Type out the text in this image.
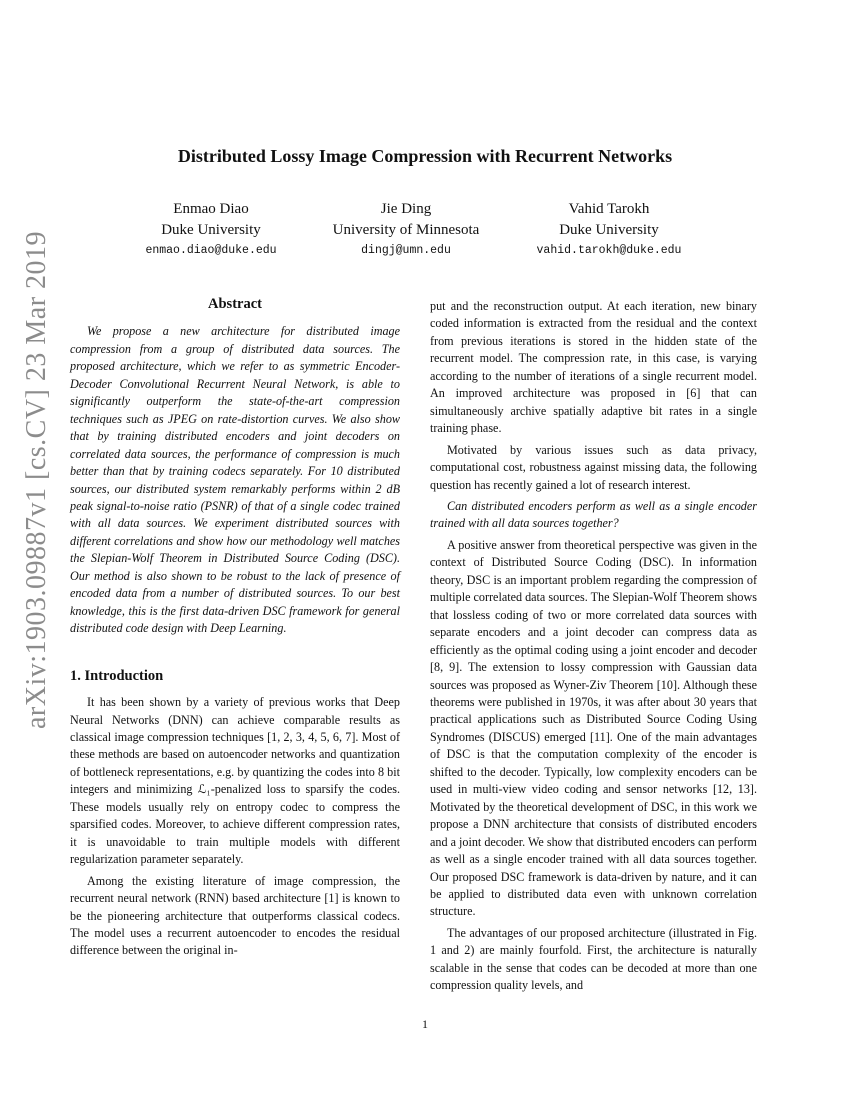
arXiv:1903.09887v1 [cs.CV] 23 Mar 2019
Distributed Lossy Image Compression with Recurrent Networks
Enmao Diao
Duke University
enmao.diao@duke.edu
Jie Ding
University of Minnesota
dingj@umn.edu
Vahid Tarokh
Duke University
vahid.tarokh@duke.edu
Abstract

We propose a new architecture for distributed image compression from a group of distributed data sources. The proposed architecture, which we refer to as symmetric Encoder-Decoder Convolutional Recurrent Neural Network, is able to significantly outperform the state-of-the-art compression techniques such as JPEG on rate-distortion curves. We also show that by training distributed encoders and joint decoders on correlated data sources, the performance of compression is much better than that by training codecs separately. For 10 distributed sources, our distributed system remarkably performs within 2 dB peak signal-to-noise ratio (PSNR) of that of a single codec trained with all data sources. We experiment distributed sources with different correlations and show how our methodology well matches the Slepian-Wolf Theorem in Distributed Source Coding (DSC). Our method is also shown to be robust to the lack of presence of encoded data from a number of distributed sources. To our best knowledge, this is the first data-driven DSC framework for general distributed code design with Deep Learning.

1. Introduction

It has been shown by a variety of previous works that Deep Neural Networks (DNN) can achieve comparable results as classical image compression techniques [1, 2, 3, 4, 5, 6, 7]. Most of these methods are based on autoencoder networks and quantization of bottleneck representations, e.g. by quantizing the codes into 8 bit integers and minimizing ℒ₁-penalized loss to sparsify the codes. These models usually rely on entropy codec to compress the sparsified codes. Moreover, to achieve different compression rates, it is unavoidable to train multiple models with different regularization parameter separately.

Among the existing literature of image compression, the recurrent neural network (RNN) based architecture [1] is known to be the pioneering architecture that outperforms classical codecs. The model uses a recurrent autoencoder to encodes the residual difference between the original in-

put and the reconstruction output. At each iteration, new binary coded information is extracted from the residual and the context from previous iterations is stored in the hidden state of the recurrent model. The compression rate, in this case, is varying according to the number of iterations of a single recurrent model. An improved architecture was proposed in [6] that can simultaneously archive spatially adaptive bit rates in a single training phase.

Motivated by various issues such as data privacy, computational cost, robustness against missing data, the following question has recently gained a lot of research interest.

Can distributed encoders perform as well as a single encoder trained with all data sources together?

A positive answer from theoretical perspective was given in the context of Distributed Source Coding (DSC). In information theory, DSC is an important problem regarding the compression of multiple correlated data sources. The Slepian-Wolf Theorem shows that lossless coding of two or more correlated data sources with separate encoders and a joint decoder can compress data as efficiently as the optimal coding using a joint encoder and decoder [8, 9]. The extension to lossy compression with Gaussian data sources was proposed as Wyner-Ziv Theorem [10]. Although these theorems were published in 1970s, it was after about 30 years that practical applications such as Distributed Source Coding Using Syndromes (DISCUS) emerged [11]. One of the main advantages of DSC is that the computation complexity of the encoder is shifted to the decoder. Typically, low complexity encoders can be used in multi-view video coding and sensor networks [12, 13]. Motivated by the theoretical development of DSC, in this work we propose a DNN architecture that consists of distributed encoders and a joint decoder. We show that distributed encoders can perform as well as a single encoder trained with all data sources together. Our proposed DSC framework is data-driven by nature, and it can be applied to distributed data even with unknown correlation structure.

The advantages of our proposed architecture (illustrated in Fig. 1 and 2) are mainly fourfold. First, the architecture is naturally scalable in the sense that codes can be decoded at more than one compression quality levels, and

1
